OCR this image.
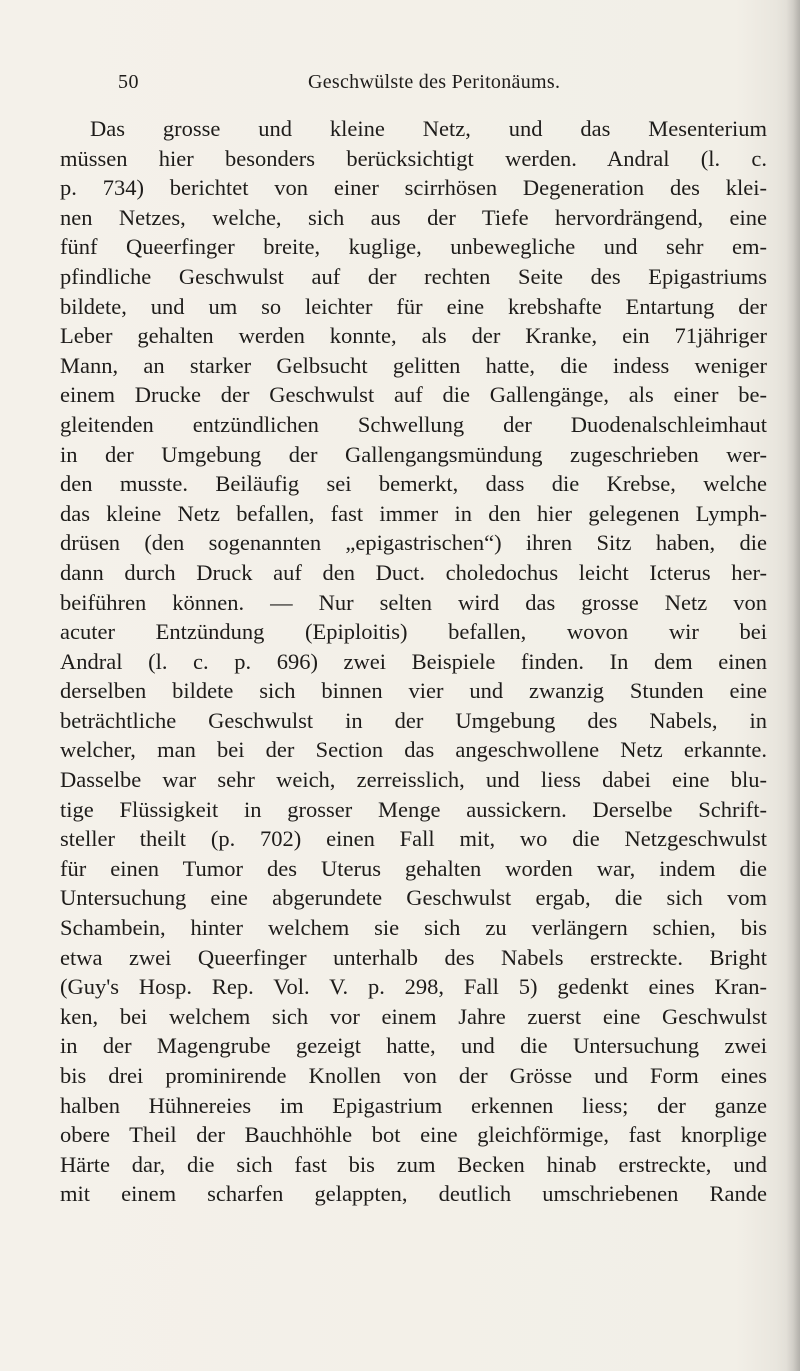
50	Geschwülste des Peritonäums.
Das grosse und kleine Netz, und das Mesenterium
müssen hier besonders berücksichtigt werden. Andral (l. c.
p. 734) berichtet von einer scirrhösen Degeneration des klei-
nen Netzes, welche, sich aus der Tiefe hervordrängend, eine
fünf Queerfinger breite, kuglige, unbewegliche und sehr em-
pfindliche Geschwulst auf der rechten Seite des Epigastriums
bildete, und um so leichter für eine krebshafte Entartung der
Leber gehalten werden konnte, als der Kranke, ein 71jähriger
Mann, an starker Gelbsucht gelitten hatte, die indess weniger
einem Drucke der Geschwulst auf die Gallengänge, als einer be-
gleitenden entzündlichen Schwellung der Duodenalschleimhaut
in der Umgebung der Gallengangsmündung zugeschrieben wer-
den musste. Beiläufig sei bemerkt, dass die Krebse, welche
das kleine Netz befallen, fast immer in den hier gelegenen Lymph-
drüsen (den sogenannten „epigastrischen“) ihren Sitz haben, die
dann durch Druck auf den Duct. choledochus leicht Icterus her-
beiführen können. — Nur selten wird das grosse Netz von
acuter Entzündung (Epiploitis) befallen, wovon wir bei
Andral (l. c. p. 696) zwei Beispiele finden. In dem einen
derselben bildete sich binnen vier und zwanzig Stunden eine
beträchtliche Geschwulst in der Umgebung des Nabels, in
welcher, man bei der Section das angeschwollene Netz erkannte.
Dasselbe war sehr weich, zerreisslich, und liess dabei eine blu-
tige Flüssigkeit in grosser Menge aussickern. Derselbe Schrift-
steller theilt (p. 702) einen Fall mit, wo die Netzgeschwulst
für einen Tumor des Uterus gehalten worden war, indem die
Untersuchung eine abgerundete Geschwulst ergab, die sich vom
Schambein, hinter welchem sie sich zu verlängern schien, bis
etwa zwei Queerfinger unterhalb des Nabels erstreckte. Bright
(Guy's Hosp. Rep. Vol. V. p. 298, Fall 5) gedenkt eines Kran-
ken, bei welchem sich vor einem Jahre zuerst eine Geschwulst
in der Magengrube gezeigt hatte, und die Untersuchung zwei
bis drei prominirende Knollen von der Grösse und Form eines
halben Hühnereies im Epigastrium erkennen liess; der ganze
obere Theil der Bauchhöhle bot eine gleichförmige, fast knorplige
Härte dar, die sich fast bis zum Becken hinab erstreckte, und
mit einem scharfen gelappten, deutlich umschriebenen Rande
